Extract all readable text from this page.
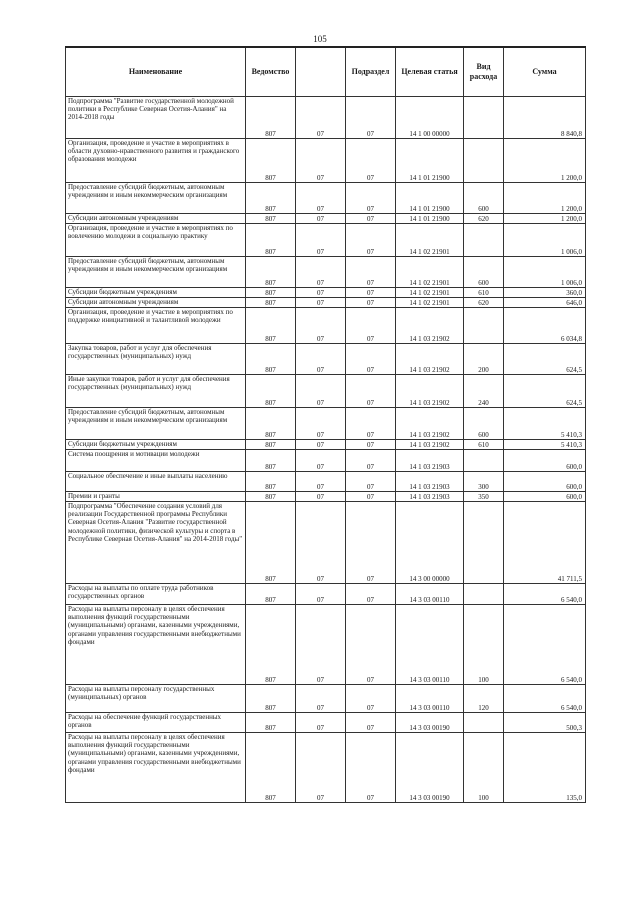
105
Наименование	Ведомство		Подраздел	Целевая статья	Вид расхода	Сумма
Подпрограмма "Развитие государственной молодежной политики в Республике Северная Осетия-Алания" на 2014-2018 годы	807	07	07	14 1 00 00000		8 840,8
Организация, проведение и участие в мероприятиях в области духовно-нравственного развития и гражданского образования молодежи	807	07	07	14 1 01 21900		1 200,0
Предоставление субсидий бюджетным, автономным учреждениям и иным некоммерческим организациям	807	07	07	14 1 01 21900	600	1 200,0
Субсидии автономным учреждениям	807	07	07	14 1 01 21900	620	1 200,0
Организация, проведение и участие в мероприятиях по вовлечению молодежи в социальную практику	807	07	07	14 1 02 21901		1 006,0
Предоставление субсидий бюджетным, автономным учреждениям и иным некоммерческим организациям	807	07	07	14 1 02 21901	600	1 006,0
Субсидии бюджетным учреждениям	807	07	07	14 1 02 21901	610	360,0
Субсидии автономным учреждениям	807	07	07	14 1 02 21901	620	646,0
Организация, проведение и участие в мероприятиях по поддержке инициативной и талантливой молодежи	807	07	07	14 1 03 21902		6 034,8
Закупка товаров, работ и услуг для обеспечения государственных (муниципальных) нужд	807	07	07	14 1 03 21902	200	624,5
Иные закупки товаров, работ и услуг для обеспечения государственных (муниципальных) нужд	807	07	07	14 1 03 21902	240	624,5
Предоставление субсидий бюджетным, автономным учреждениям и иным некоммерческим организациям	807	07	07	14 1 03 21902	600	5 410,3
Субсидии бюджетным учреждениям	807	07	07	14 1 03 21902	610	5 410,3
Система поощрения и мотивации молодежи	807	07	07	14 1 03 21903		600,0
Социальное обеспечение и иные выплаты населению	807	07	07	14 1 03 21903	300	600,0
Премии и гранты	807	07	07	14 1 03 21903	350	600,0
Подпрограмма "Обеспечение создания условий для реализации Государственной программы Республики Северная Осетия-Алания "Развитие государственной молодежной политики, физической культуры и спорта в Республике Северная Осетия-Алания" на 2014-2018 годы"	807	07	07	14 3 00 00000		41 711,5
Расходы на выплаты по оплате труда работников государственных органов	807	07	07	14 3 03 00110		6 540,0
Расходы на выплаты персоналу в целях обеспечения выполнения функций государственными (муниципальными) органами, казенными учреждениями, органами управления государственными внебюджетными фондами	807	07	07	14 3 03 00110	100	6 540,0
Расходы на выплаты персоналу государственных (муниципальных) органов	807	07	07	14 3 03 00110	120	6 540,0
Расходы на обеспечение функций государственных органов	807	07	07	14 3 03 00190		500,3
Расходы на выплаты персоналу в целях обеспечения выполнения функций государственными (муниципальными) органами, казенными учреждениями, органами управления государственными внебюджетными фондами	807	07	07	14 3 03 00190	100	135,0
